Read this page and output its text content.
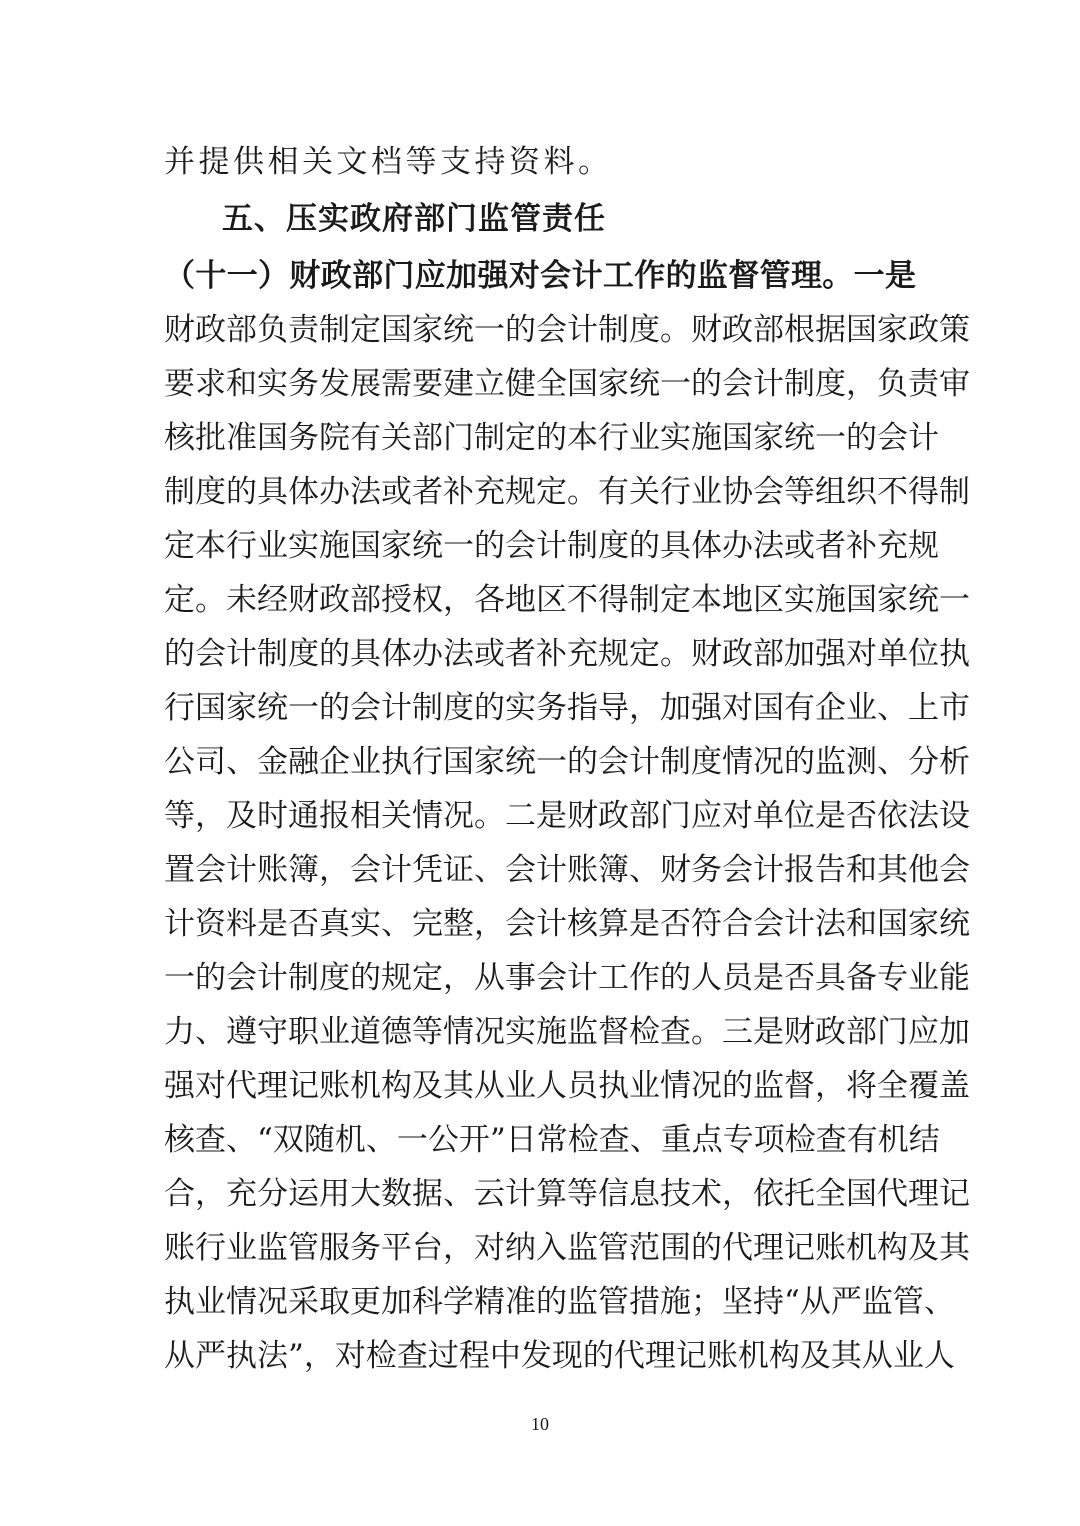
并提供相关文档等支持资料。
五、压实政府部门监管责任
（十一）财政部门应加强对会计工作的监督管理。一是
财政部负责制定国家统一的会计制度。财政部根据国家政策
要求和实务发展需要建立健全国家统一的会计制度，负责审
核批准国务院有关部门制定的本行业实施国家统一的会计
制度的具体办法或者补充规定。有关行业协会等组织不得制
定本行业实施国家统一的会计制度的具体办法或者补充规
定。未经财政部授权，各地区不得制定本地区实施国家统一
的会计制度的具体办法或者补充规定。财政部加强对单位执
行国家统一的会计制度的实务指导，加强对国有企业、上市
公司、金融企业执行国家统一的会计制度情况的监测、分析
等，及时通报相关情况。二是财政部门应对单位是否依法设
置会计账簿，会计凭证、会计账簿、财务会计报告和其他会
计资料是否真实、完整，会计核算是否符合会计法和国家统
一的会计制度的规定，从事会计工作的人员是否具备专业能
力、遵守职业道德等情况实施监督检查。三是财政部门应加
强对代理记账机构及其从业人员执业情况的监督，将全覆盖
核查、“双随机、一公开”日常检查、重点专项检查有机结
合，充分运用大数据、云计算等信息技术，依托全国代理记
账行业监管服务平台，对纳入监管范围的代理记账机构及其
执业情况采取更加科学精准的监管措施；坚持“从严监管、
从严执法”，对检查过程中发现的代理记账机构及其从业人
10
